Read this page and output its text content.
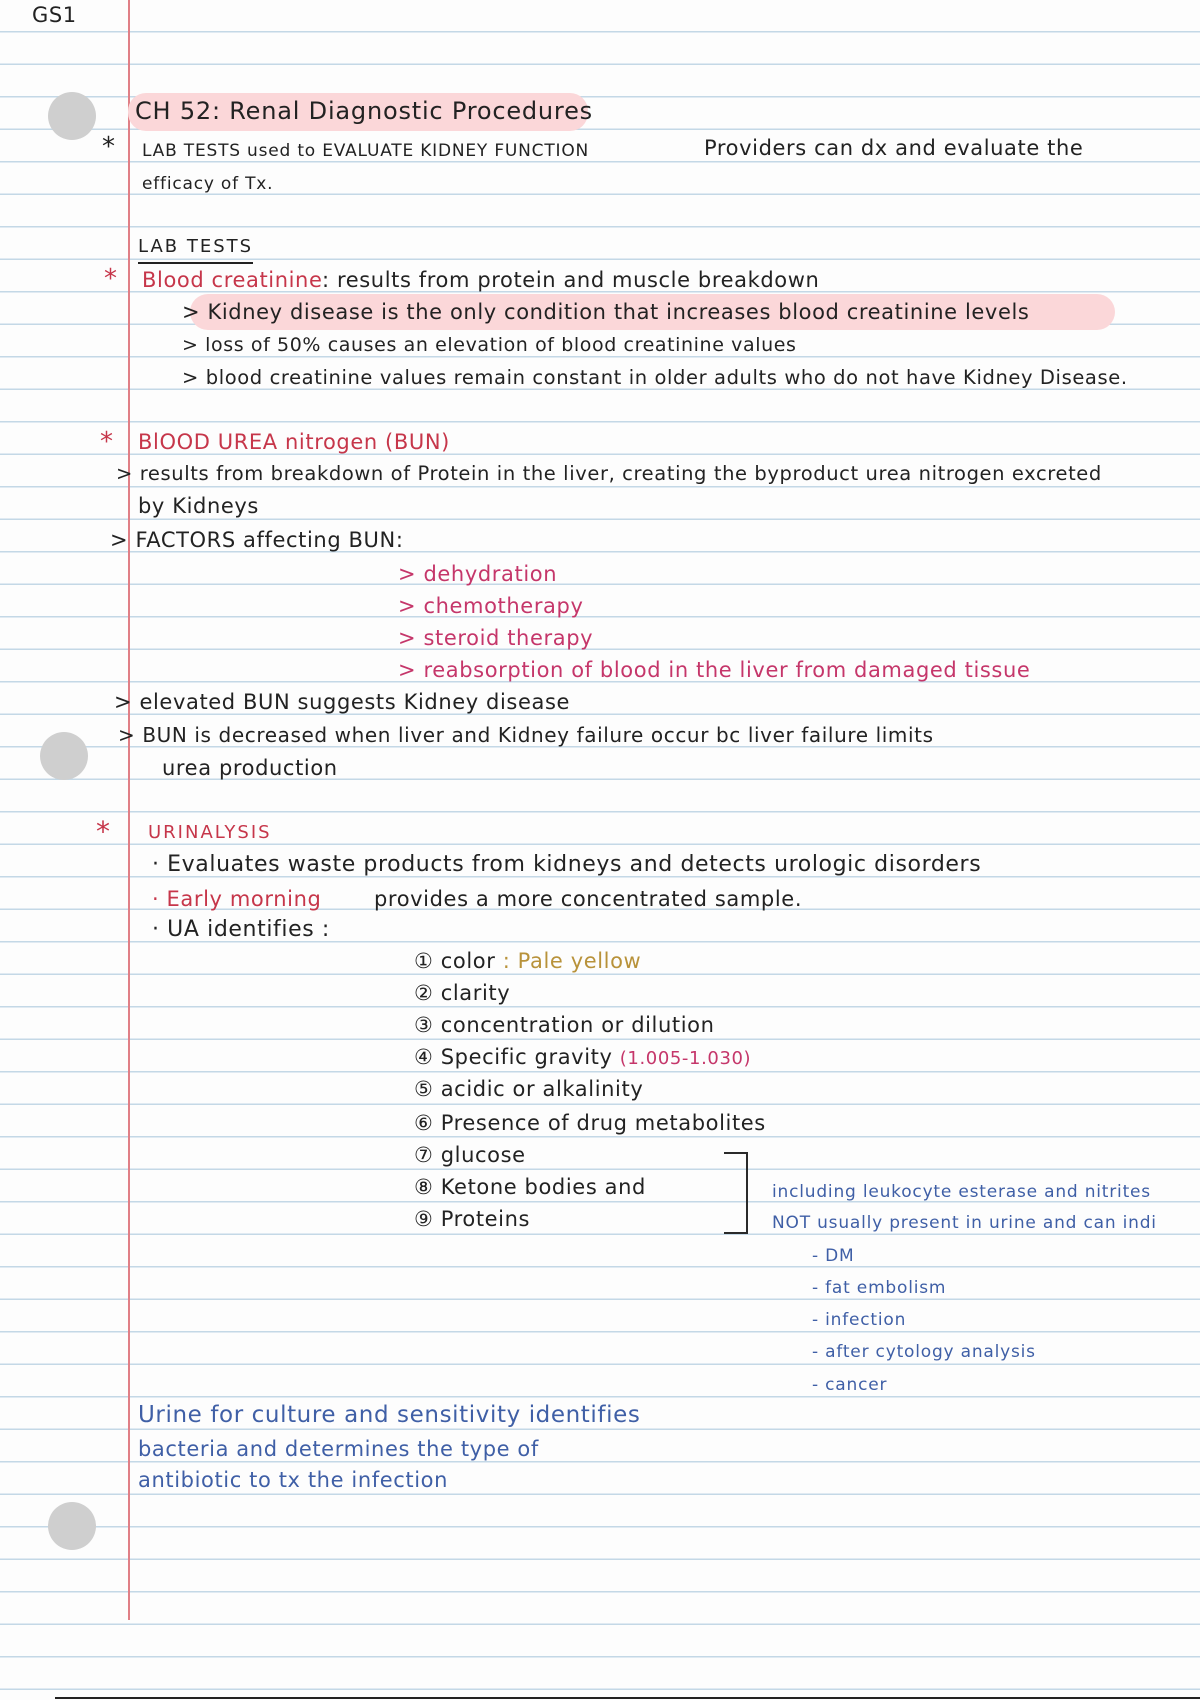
GS1
CH 52: Renal Diagnostic Procedures
* LAB TESTS used to EVALUATE KIDNEY FUNCTION	Providers can dx and evaluate the
efficacy of Tx.
LAB TESTS
* Blood creatinine : results from protein and muscle breakdown
> Kidney disease is the only condition that increases blood creatinine levels
> loss of 50% causes an elevation of blood creatinine values
> blood creatinine values remain constant in older adults who do not have Kidney Disease.
* BlOOD UREA nitrogen (BUN)
> results from breakdown of Protein in the liver, creating the byproduct urea nitrogen excreted
by Kidneys
> FACTORS affecting BUN:
> dehydration
> chemotherapy
> steroid therapy
> reabsorption of blood in the liver from damaged tissue
> elevated BUN suggests Kidney disease
> BUN is decreased when liver and Kidney failure occur bc liver failure limits
urea production
* URINALYSIS
· Evaluates waste products from kidneys and detects urologic disorders
· Early morning	provides a more concentrated sample.
· UA identifies :
① color : Pale yellow
② clarity
③ concentration or dilution
④ Specific gravity (1.005-1.030)
⑤ acidic or alkalinity
⑥ Presence of drug metabolites
⑦ glucose
⑧ Ketone bodies and
⑨ Proteins
including leukocyte esterase and nitrites
NOT usually present in urine and can indi
- DM
- fat embolism
- infection
- after cytology analysis
- cancer
Urine for culture and sensitivity identifies
bacteria and determines the type of
antibiotic to tx the infection
